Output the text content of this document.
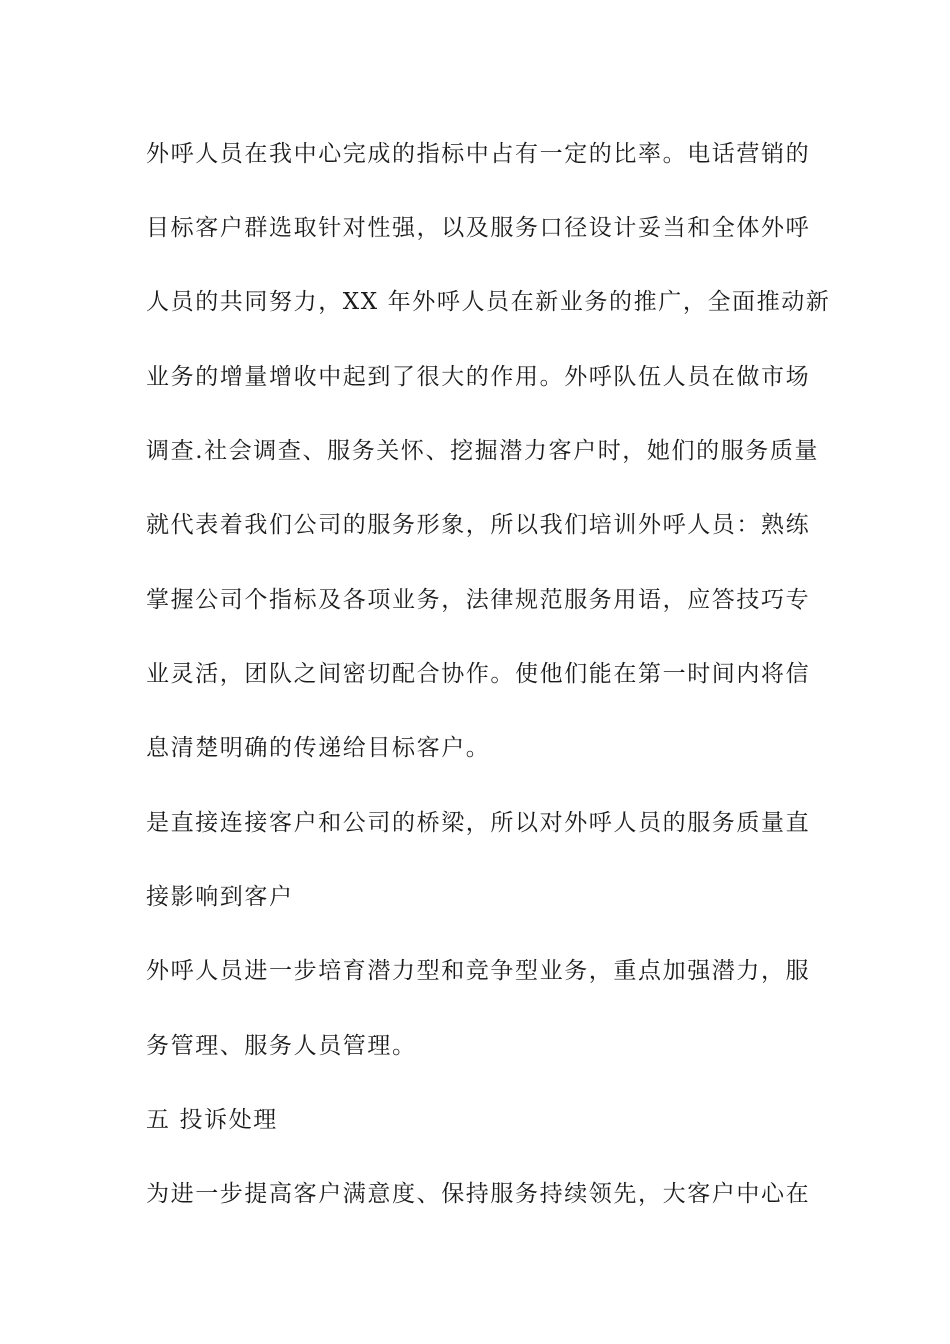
外呼人员在我中心完成的指标中占有一定的比率。电话营销的
目标客户群选取针对性强，以及服务口径设计妥当和全体外呼
人员的共同努力，XX 年外呼人员在新业务的推广，全面推动新
业务的增量增收中起到了很大的作用。外呼队伍人员在做市场
调查.社会调查、服务关怀、挖掘潜力客户时，她们的服务质量
就代表着我们公司的服务形象，所以我们培训外呼人员：熟练
掌握公司个指标及各项业务，法律规范服务用语，应答技巧专
业灵活，团队之间密切配合协作。使他们能在第一时间内将信
息清楚明确的传递给目标客户。
是直接连接客户和公司的桥梁，所以对外呼人员的服务质量直
接影响到客户
外呼人员进一步培育潜力型和竞争型业务，重点加强潜力，服
务管理、服务人员管理。
五 投诉处理
为进一步提高客户满意度、保持服务持续领先，大客户中心在
